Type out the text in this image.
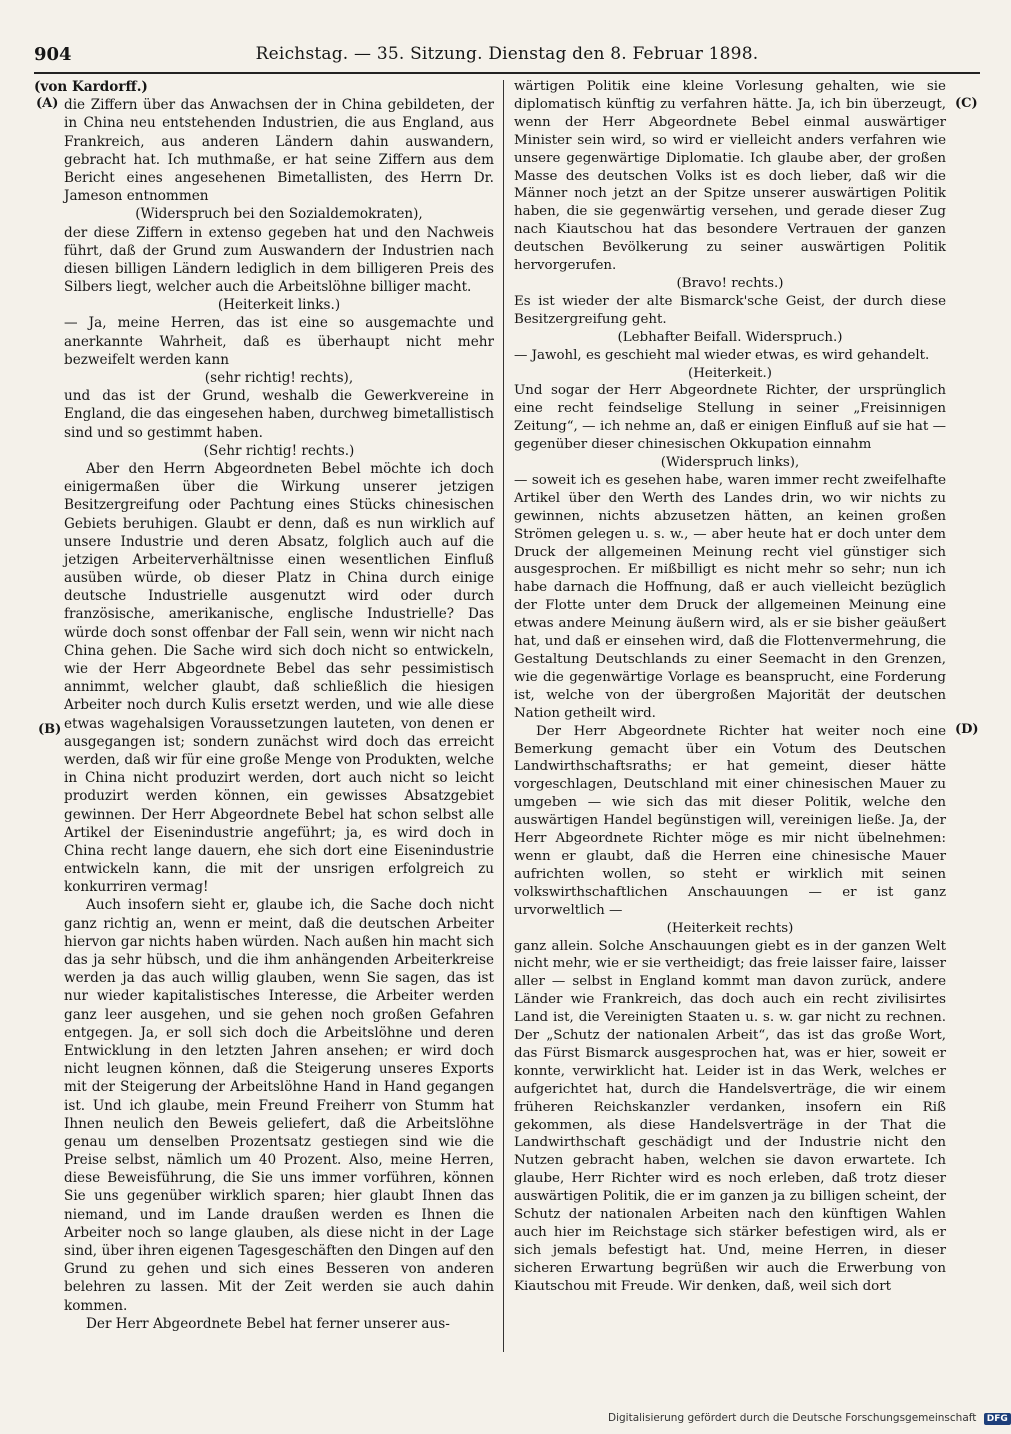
904	Reichstag. — 35. Sitzung. Dienstag den 8. Februar 1898.
(A)
(B)
(C)
(D)

(von Kardorff.)

die Ziffern über das Anwachsen der in China gebildeten, der in China neu entstehenden Industrien, die aus England, aus Frankreich, aus anderen Ländern dahin auswandern, gebracht hat. Ich muthmaße, er hat seine Ziffern aus dem Bericht eines angesehenen Bimetallisten, des Herrn Dr. Jameson entnommen

(Widerspruch bei den Sozialdemokraten),

der diese Ziffern in extenso gegeben hat und den Nachweis führt, daß der Grund zum Auswandern der Industrien nach diesen billigen Ländern lediglich in dem billigeren Preis des Silbers liegt, welcher auch die Arbeitslöhne billiger macht.

(Heiterkeit links.)

— Ja, meine Herren, das ist eine so ausgemachte und anerkannte Wahrheit, daß es überhaupt nicht mehr bezweifelt werden kann

(sehr richtig! rechts),

und das ist der Grund, weshalb die Gewerkvereine in England, die das eingesehen haben, durchweg bimetallistisch sind und so gestimmt haben.

(Sehr richtig! rechts.)

Aber den Herrn Abgeordneten Bebel möchte ich doch einigermaßen über die Wirkung unserer jetzigen Besitzergreifung oder Pachtung eines Stücks chinesischen Gebiets beruhigen. Glaubt er denn, daß es nun wirklich auf unsere Industrie und deren Absatz, folglich auch auf die jetzigen Arbeiterverhältnisse einen wesentlichen Einfluß ausüben würde, ob dieser Platz in China durch einige deutsche Industrielle ausgenutzt wird oder durch französische, amerikanische, englische Industrielle? Das würde doch sonst offenbar der Fall sein, wenn wir nicht nach China gehen. Die Sache wird sich doch nicht so entwickeln, wie der Herr Abgeordnete Bebel das sehr pessimistisch annimmt, welcher glaubt, daß schließlich die hiesigen Arbeiter noch durch Kulis ersetzt werden, und wie alle diese etwas wagehalsigen Voraussetzungen lauteten, von denen er ausgegangen ist; sondern zunächst wird doch das erreicht werden, daß wir für eine große Menge von Produkten, welche in China nicht produzirt werden, dort auch nicht so leicht produzirt werden können, ein gewisses Absatzgebiet gewinnen. Der Herr Abgeordnete Bebel hat schon selbst alle Artikel der Eisenindustrie angeführt; ja, es wird doch in China recht lange dauern, ehe sich dort eine Eisenindustrie entwickeln kann, die mit der unsrigen erfolgreich zu konkurriren vermag!

Auch insofern sieht er, glaube ich, die Sache doch nicht ganz richtig an, wenn er meint, daß die deutschen Arbeiter hiervon gar nichts haben würden. Nach außen hin macht sich das ja sehr hübsch, und die ihm anhängenden Arbeiterkreise werden ja das auch willig glauben, wenn Sie sagen, das ist nur wieder kapitalistisches Interesse, die Arbeiter werden ganz leer ausgehen, und sie gehen noch großen Gefahren entgegen. Ja, er soll sich doch die Arbeitslöhne und deren Entwicklung in den letzten Jahren ansehen; er wird doch nicht leugnen können, daß die Steigerung unseres Exports mit der Steigerung der Arbeitslöhne Hand in Hand gegangen ist. Und ich glaube, mein Freund Freiherr von Stumm hat Ihnen neulich den Beweis geliefert, daß die Arbeitslöhne genau um denselben Prozentsatz gestiegen sind wie die Preise selbst, nämlich um 40 Prozent. Also, meine Herren, diese Beweisführung, die Sie uns immer vorführen, können Sie uns gegenüber wirklich sparen; hier glaubt Ihnen das niemand, und im Lande draußen werden es Ihnen die Arbeiter noch so lange glauben, als diese nicht in der Lage sind, über ihren eigenen Tagesgeschäften den Dingen auf den Grund zu gehen und sich eines Besseren von anderen belehren zu lassen. Mit der Zeit werden sie auch dahin kommen.

Der Herr Abgeordnete Bebel hat ferner unserer aus-

wärtigen Politik eine kleine Vorlesung gehalten, wie sie diplomatisch künftig zu verfahren hätte. Ja, ich bin überzeugt, wenn der Herr Abgeordnete Bebel einmal auswärtiger Minister sein wird, so wird er vielleicht anders verfahren wie unsere gegenwärtige Diplomatie. Ich glaube aber, der großen Masse des deutschen Volks ist es doch lieber, daß wir die Männer noch jetzt an der Spitze unserer auswärtigen Politik haben, die sie gegenwärtig versehen, und gerade dieser Zug nach Kiautschou hat das besondere Vertrauen der ganzen deutschen Bevölkerung zu seiner auswärtigen Politik hervorgerufen.

(Bravo! rechts.)

Es ist wieder der alte Bismarck'sche Geist, der durch diese Besitzergreifung geht.

(Lebhafter Beifall. Widerspruch.)

— Jawohl, es geschieht mal wieder etwas, es wird gehandelt.

(Heiterkeit.)

Und sogar der Herr Abgeordnete Richter, der ursprünglich eine recht feindselige Stellung in seiner „Freisinnigen Zeitung“, — ich nehme an, daß er einigen Einfluß auf sie hat — gegenüber dieser chinesischen Okkupation einnahm

(Widerspruch links),

— soweit ich es gesehen habe, waren immer recht zweifelhafte Artikel über den Werth des Landes drin, wo wir nichts zu gewinnen, nichts abzusetzen hätten, an keinen großen Strömen gelegen u. s. w., — aber heute hat er doch unter dem Druck der allgemeinen Meinung recht viel günstiger sich ausgesprochen. Er mißbilligt es nicht mehr so sehr; nun ich habe darnach die Hoffnung, daß er auch vielleicht bezüglich der Flotte unter dem Druck der allgemeinen Meinung eine etwas andere Meinung äußern wird, als er sie bisher geäußert hat, und daß er einsehen wird, daß die Flottenvermehrung, die Gestaltung Deutschlands zu einer Seemacht in den Grenzen, wie die gegenwärtige Vorlage es beansprucht, eine Forderung ist, welche von der übergroßen Majorität der deutschen Nation getheilt wird.

Der Herr Abgeordnete Richter hat weiter noch eine Bemerkung gemacht über ein Votum des Deutschen Landwirthschaftsraths; er hat gemeint, dieser hätte vorgeschlagen, Deutschland mit einer chinesischen Mauer zu umgeben — wie sich das mit dieser Politik, welche den auswärtigen Handel begünstigen will, vereinigen ließe. Ja, der Herr Abgeordnete Richter möge es mir nicht übelnehmen: wenn er glaubt, daß die Herren eine chinesische Mauer aufrichten wollen, so steht er wirklich mit seinen volkswirthschaftlichen Anschauungen — er ist ganz urvorweltlich —

(Heiterkeit rechts)

ganz allein. Solche Anschauungen giebt es in der ganzen Welt nicht mehr, wie er sie vertheidigt; das freie laisser faire, laisser aller — selbst in England kommt man davon zurück, andere Länder wie Frankreich, das doch auch ein recht zivilisirtes Land ist, die Vereinigten Staaten u. s. w. gar nicht zu rechnen. Der „Schutz der nationalen Arbeit“, das ist das große Wort, das Fürst Bismarck ausgesprochen hat, was er hier, soweit er konnte, verwirklicht hat. Leider ist in das Werk, welches er aufgerichtet hat, durch die Handelsverträge, die wir einem früheren Reichskanzler verdanken, insofern ein Riß gekommen, als diese Handelsverträge in der That die Landwirthschaft geschädigt und der Industrie nicht den Nutzen gebracht haben, welchen sie davon erwartete. Ich glaube, Herr Richter wird es noch erleben, daß trotz dieser auswärtigen Politik, die er im ganzen ja zu billigen scheint, der Schutz der nationalen Arbeiten nach den künftigen Wahlen auch hier im Reichstage sich stärker befestigen wird, als er sich jemals befestigt hat. Und, meine Herren, in dieser sicheren Erwartung begrüßen wir auch die Erwerbung von Kiautschou mit Freude. Wir denken, daß, weil sich dort

Digitalisierung gefördert durch die Deutsche Forschungsgemeinschaft DFG
